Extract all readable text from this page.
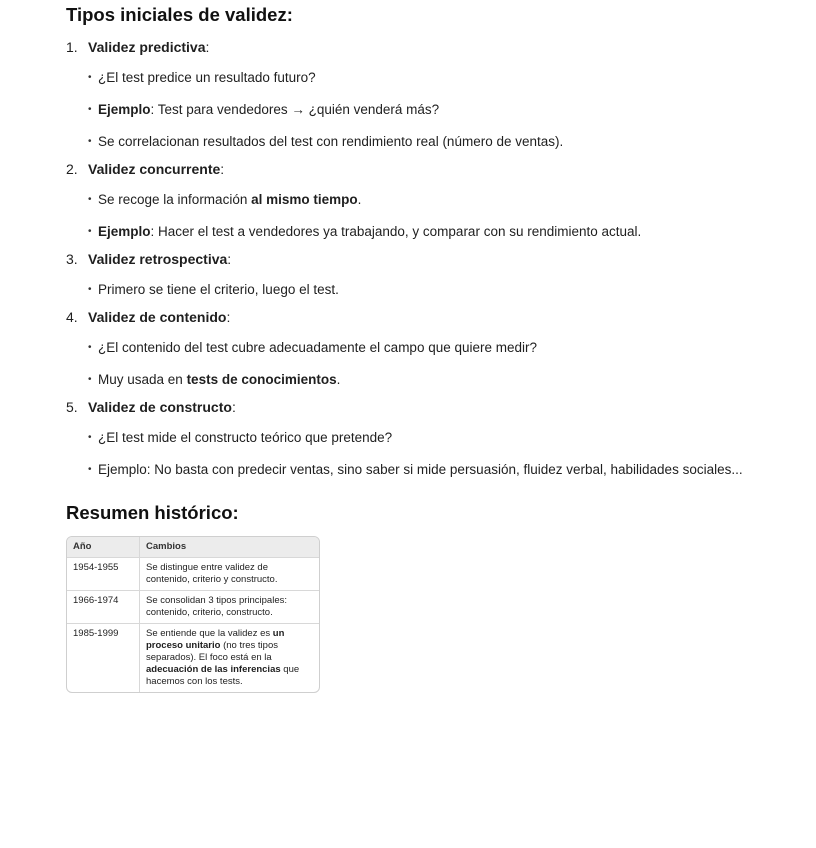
Tipos iniciales de validez:
1. Validez predictiva:
• ¿El test predice un resultado futuro?
• Ejemplo: Test para vendedores → ¿quién venderá más?
• Se correlacionan resultados del test con rendimiento real (número de ventas).
2. Validez concurrente:
• Se recoge la información al mismo tiempo.
• Ejemplo: Hacer el test a vendedores ya trabajando, y comparar con su rendimiento actual.
3. Validez retrospectiva:
• Primero se tiene el criterio, luego el test.
4. Validez de contenido:
• ¿El contenido del test cubre adecuadamente el campo que quiere medir?
• Muy usada en tests de conocimientos.
5. Validez de constructo:
• ¿El test mide el constructo teórico que pretende?
• Ejemplo: No basta con predecir ventas, sino saber si mide persuasión, fluidez verbal, habilidades sociales...
Resumen histórico:
Año	Cambios
1954-1955	Se distingue entre validez de contenido, criterio y constructo.
1966-1974	Se consolidan 3 tipos principales: contenido, criterio, constructo.
1985-1999	Se entiende que la validez es un proceso unitario (no tres tipos separados). El foco está en la adecuación de las inferencias que hacemos con los tests.
